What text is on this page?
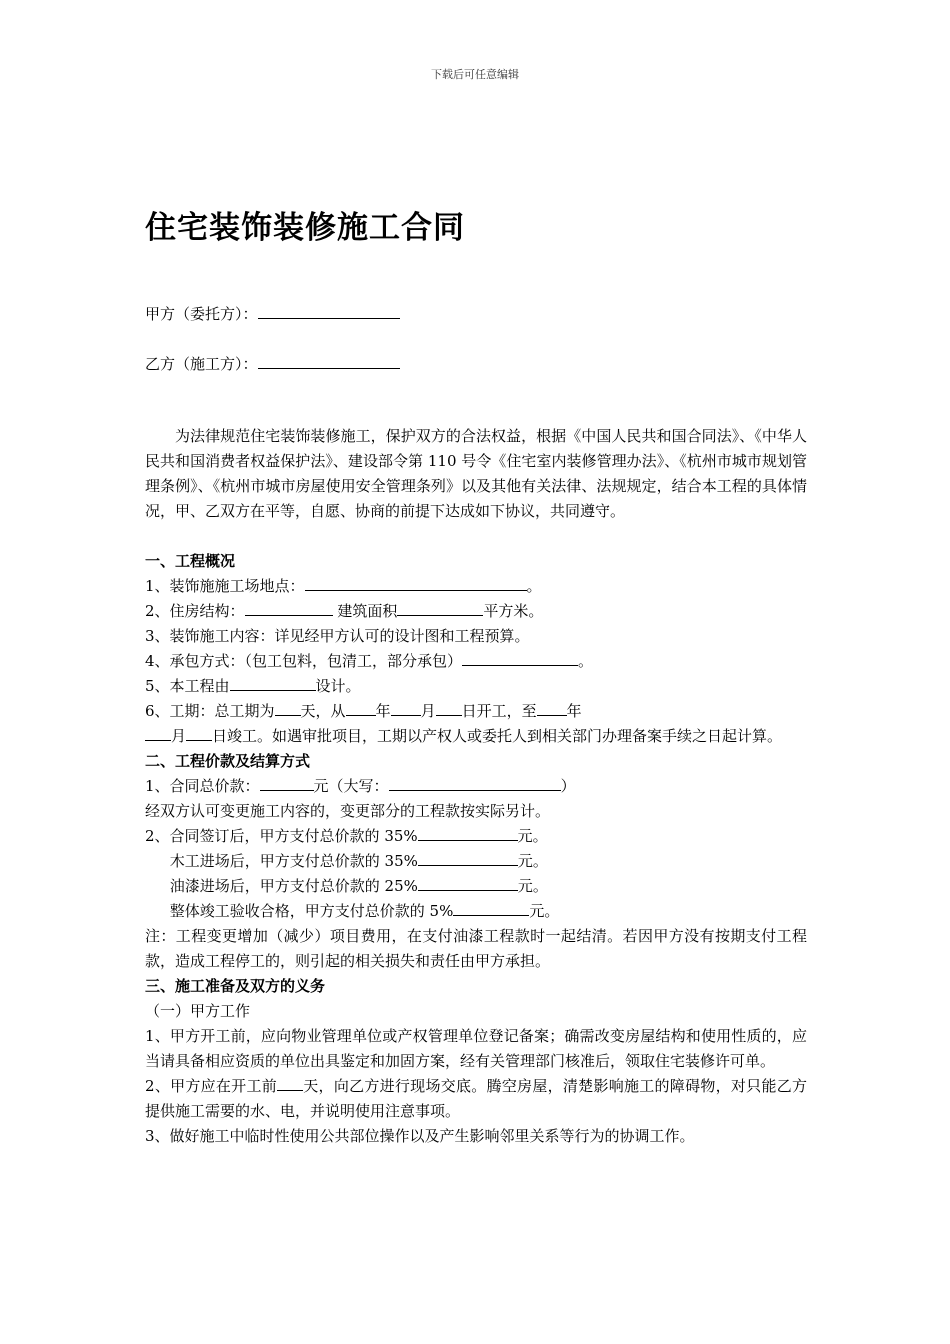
下载后可任意编辑
住宅装饰装修施工合同
甲方（委托方）：
乙方（施工方）：

为法律规范住宅装饰装修施工，保护双方的合法权益，根据《中国人民共和国合同法》、《中华人民共和国消费者权益保护法》、建设部令第 110 号令《住宅室内装修管理办法》、《杭州市城市规划管理条例》、《杭州市城市房屋使用安全管理条列》以及其他有关法律、法规规定，结合本工程的具体情况，甲、乙双方在平等，自愿、协商的前提下达成如下协议，共同遵守。

一、工程概况

1、装饰施施工场地点：	。

2、住房结构：	建筑面积	平方米。

3、装饰施工内容：详见经甲方认可的设计图和工程预算。

4、承包方式：（包工包料，包清工，部分承包）	。

5、本工程由	设计。

6、工期：总工期为 天，从 年 月 日开工，至 年
月 日竣工。如遇审批项目，工期以产权人或委托人到相关部门办理备案手续之日起计算。

二、工程价款及结算方式

1、合同总价款：	元（大写：	）

经双方认可变更施工内容的，变更部分的工程款按实际另计。

2、合同签订后，甲方支付总价款的 35%	元。

木工进场后，甲方支付总价款的 35%	元。

油漆进场后，甲方支付总价款的 25%	元。

整体竣工验收合格，甲方支付总价款的 5%	元。

注：工程变更增加（减少）项目费用，在支付油漆工程款时一起结清。若因甲方没有按期支付工程款，造成工程停工的，则引起的相关损失和责任由甲方承担。

三、施工准备及双方的义务

（一）甲方工作

1、甲方开工前，应向物业管理单位或产权管理单位登记备案；确需改变房屋结构和使用性质的，应当请具备相应资质的单位出具鉴定和加固方案，经有关管理部门核准后，领取住宅装修许可单。

2、甲方应在开工前 天，向乙方进行现场交底。腾空房屋，清楚影响施工的障碍物，对只能乙方提供施工需要的水、电，并说明使用注意事项。

3、做好施工中临时性使用公共部位操作以及产生影响邻里关系等行为的协调工作。
